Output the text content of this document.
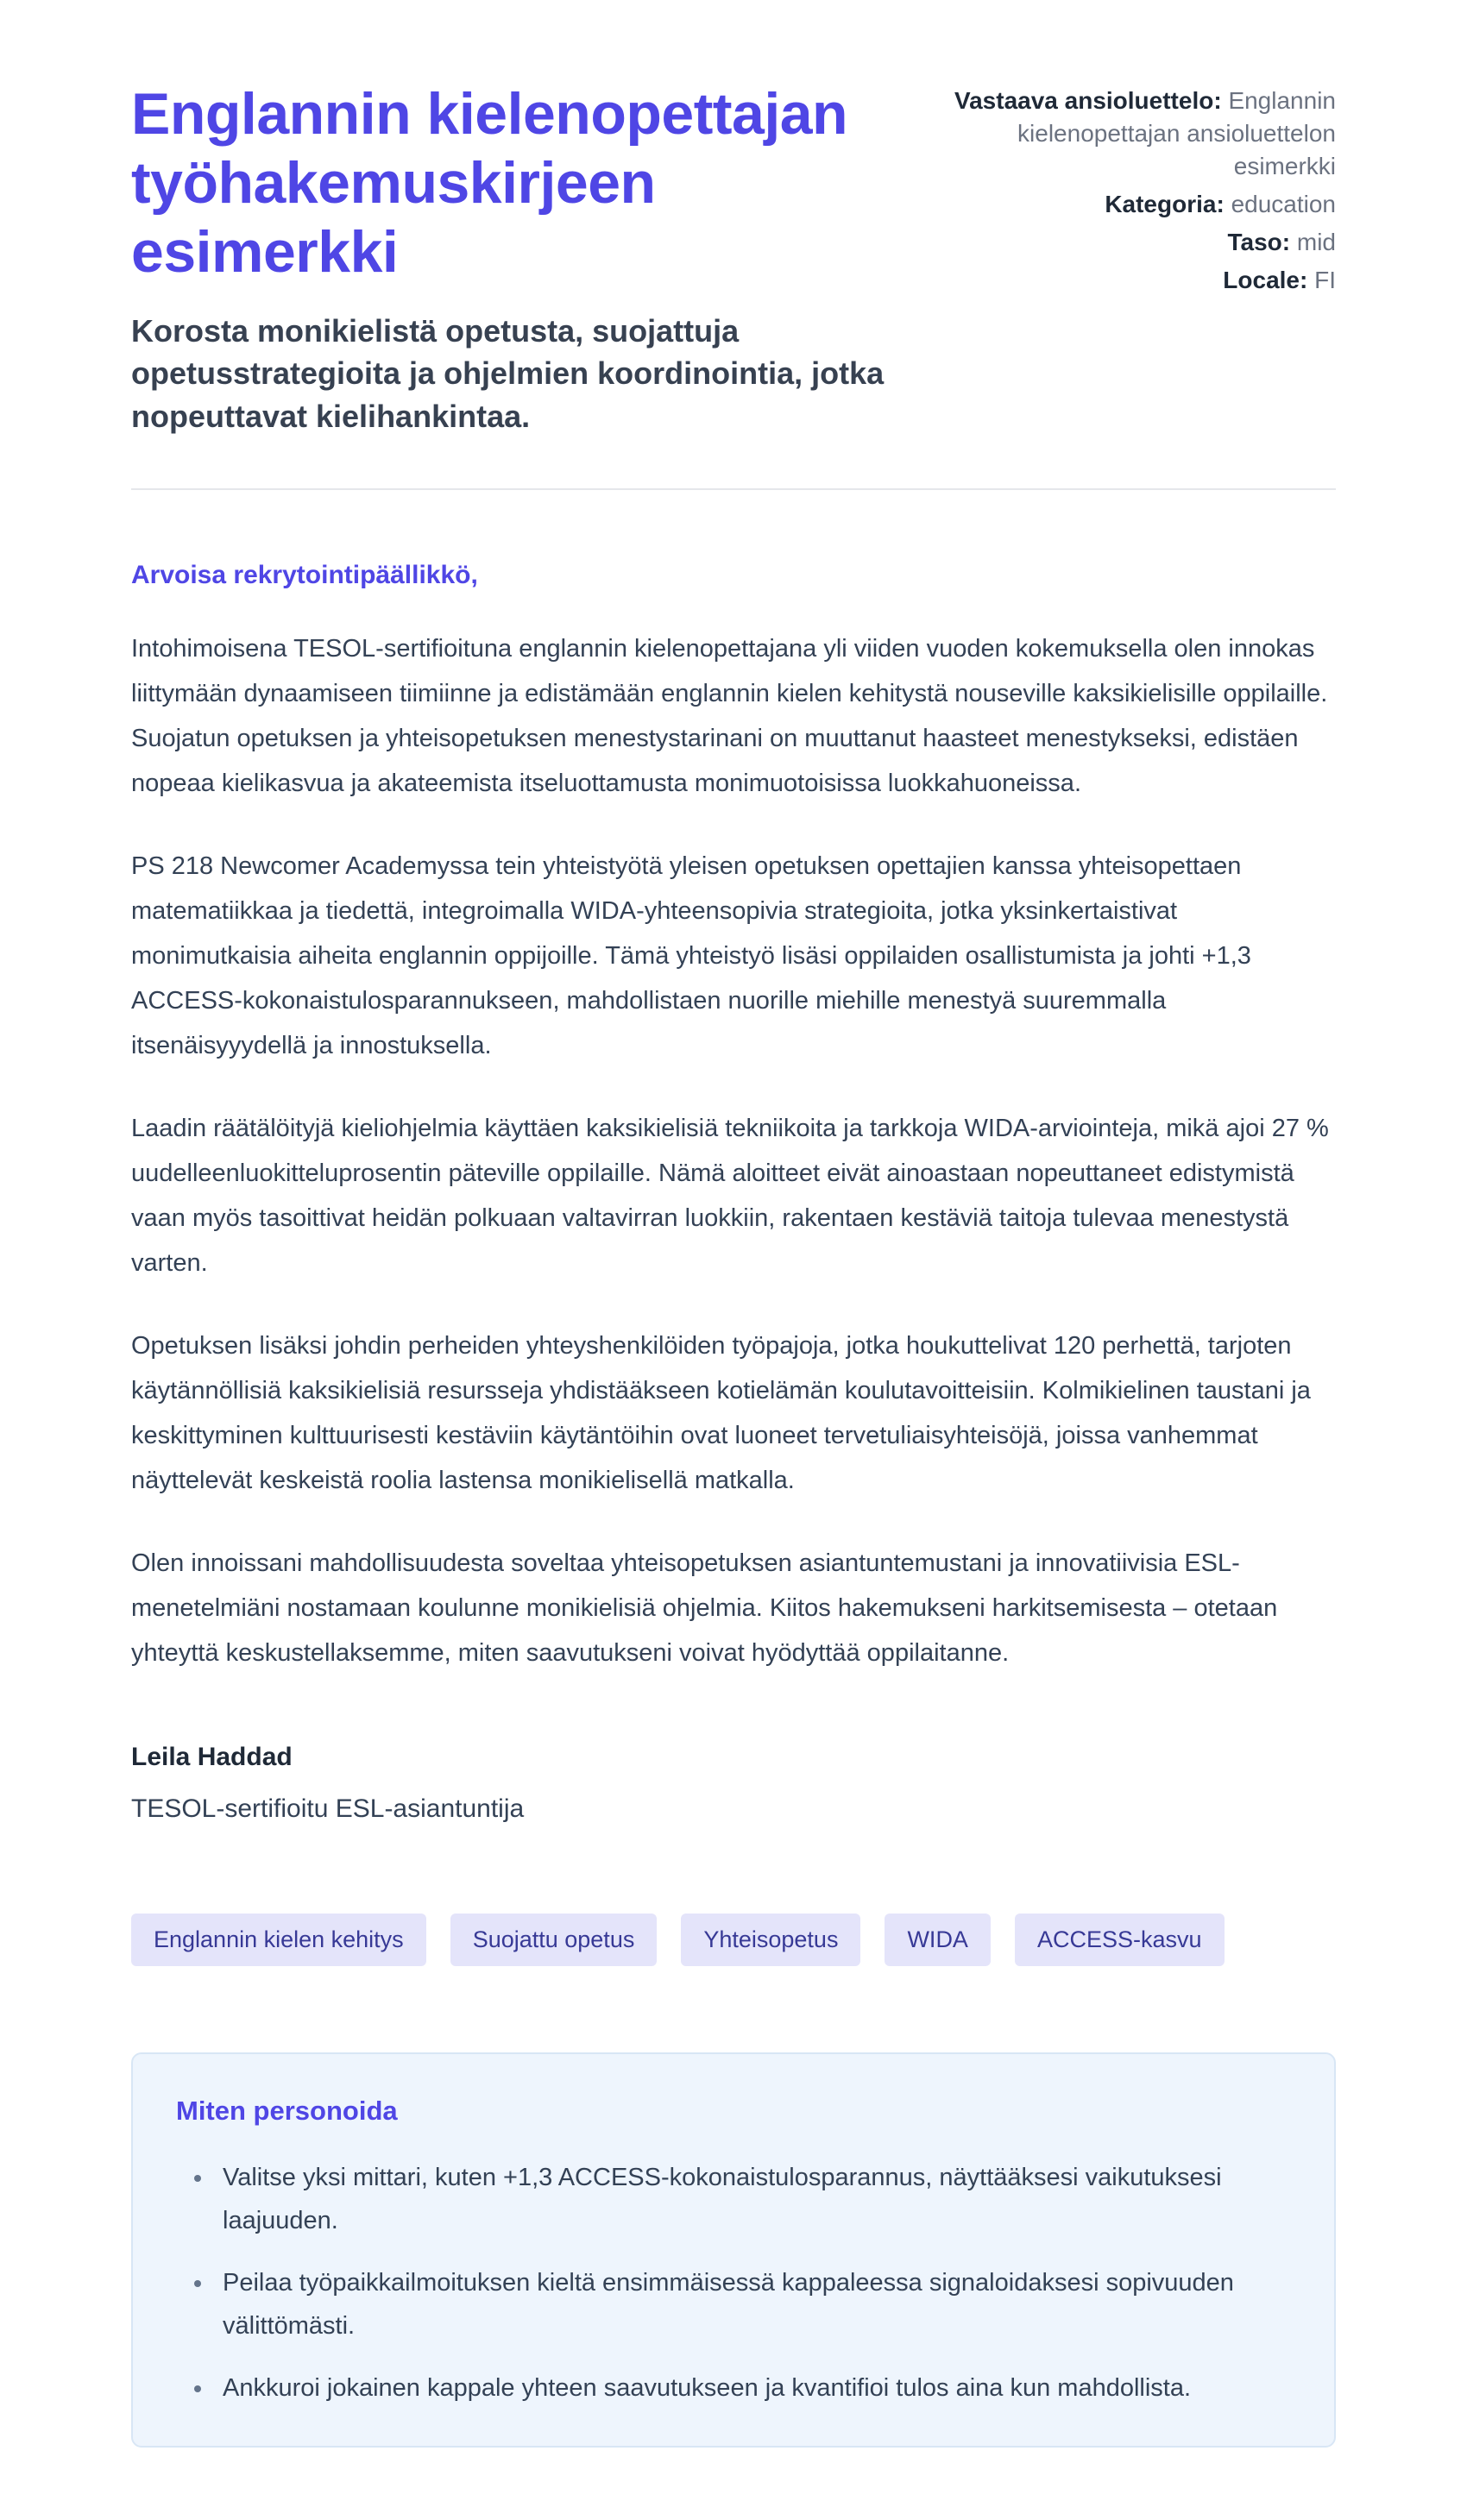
Englannin kielenopettajan työhakemuskirjeen esimerkki

Korosta monikielistä opetusta, suojattuja opetusstrategioita ja ohjelmien koordinointia, jotka nopeuttavat kielihankintaa.

Vastaava ansioluettelo: Englannin kielenopettajan ansioluettelon esimerkki
Kategoria: education
Taso: mid
Locale: FI

Arvoisa rekrytointipäällikkö,

Intohimoisena TESOL-sertifioituna englannin kielenopettajana yli viiden vuoden kokemuksella olen innokas liittymään dynaamiseen tiimiinne ja edistämään englannin kielen kehitystä nouseville kaksikielisille oppilaille. Suojatun opetuksen ja yhteisopetuksen menestystarinani on muuttanut haasteet menestykseksi, edistäen nopeaa kielikasvua ja akateemista itseluottamusta monimuotoisissa luokkahuoneissa.

PS 218 Newcomer Academyssa tein yhteistyötä yleisen opetuksen opettajien kanssa yhteisopettaen matematiikkaa ja tiedettä, integroimalla WIDA-yhteensopivia strategioita, jotka yksinkertaistivat monimutkaisia aiheita englannin oppijoille. Tämä yhteistyö lisäsi oppilaiden osallistumista ja johti +1,3 ACCESS-kokonaistulosparannukseen, mahdollistaen nuorille miehille menestyä suuremmalla itsenäisyyydellä ja innostuksella.

Laadin räätälöityjä kieliohjelmia käyttäen kaksikielisiä tekniikoita ja tarkkoja WIDA-arviointeja, mikä ajoi 27 % uudelleenluokitteluprosentin päteville oppilaille. Nämä aloitteet eivät ainoastaan nopeuttaneet edistymistä vaan myös tasoittivat heidän polkuaan valtavirran luokkiin, rakentaen kestäviä taitoja tulevaa menestystä varten.

Opetuksen lisäksi johdin perheiden yhteyshenkilöiden työpajoja, jotka houkuttelivat 120 perhettä, tarjoten käytännöllisiä kaksikielisiä resursseja yhdistääkseen kotielämän koulutavoitteisiin. Kolmikielinen taustani ja keskittyminen kulttuurisesti kestäviin käytäntöihin ovat luoneet tervetuliaisyhteisöjä, joissa vanhemmat näyttelevät keskeistä roolia lastensa monikielisellä matkalla.

Olen innoissani mahdollisuudesta soveltaa yhteisopetuksen asiantuntemustani ja innovatiivisia ESL-menetelmiäni nostamaan koulunne monikielisiä ohjelmia. Kiitos hakemukseni harkitsemisesta – otetaan yhteyttä keskustellaksemme, miten saavutukseni voivat hyödyttää oppilaitanne.

Leila Haddad

TESOL-sertifioitu ESL-asiantuntija

Englannin kielen kehitys	Suojattu opetus	Yhteisopetus	WIDA	ACCESS-kasvu
Miten personoida
• Valitse yksi mittari, kuten +1,3 ACCESS-kokonaistulosparannus, näyttääksesi vaikutuksesi laajuuden.
• Peilaa työpaikkailmoituksen kieltä ensimmäisessä kappaleessa signaloidaksesi sopivuuden välittömästi.
• Ankkuroi jokainen kappale yhteen saavutukseen ja kvantifioi tulos aina kun mahdollista.
